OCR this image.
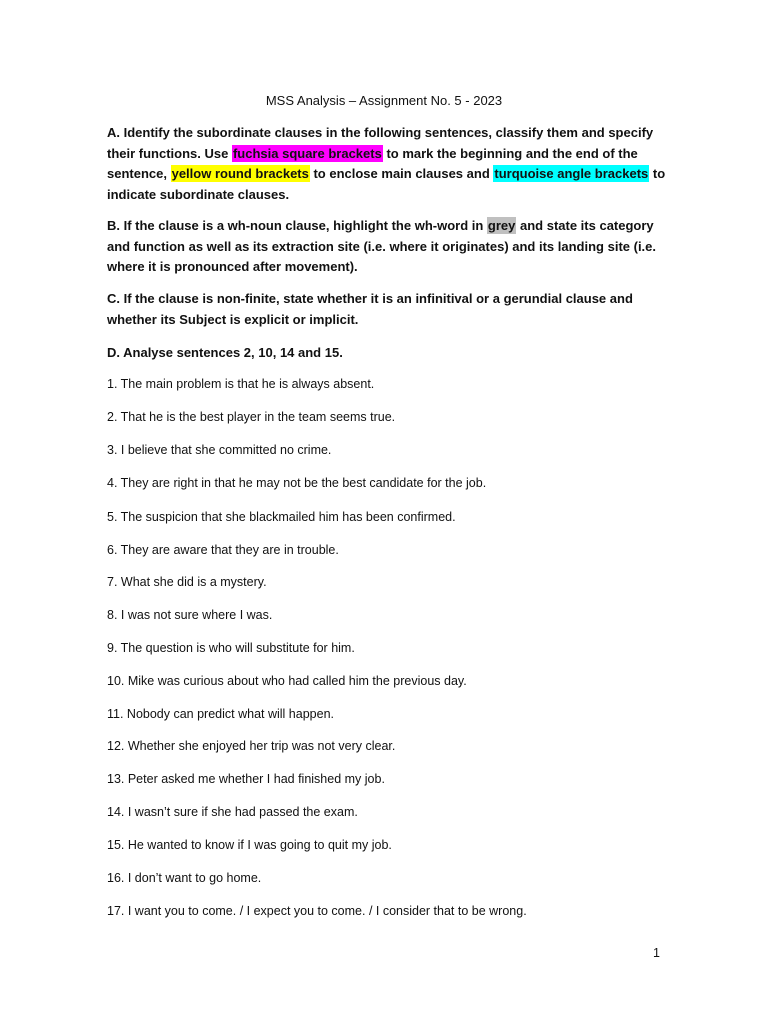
MSS Analysis – Assignment No. 5 - 2023
A. Identify the subordinate clauses in the following sentences, classify them and specify their functions. Use fuchsia square brackets to mark the beginning and the end of the sentence, yellow round brackets to enclose main clauses and turquoise angle brackets to indicate subordinate clauses.
B. If the clause is a wh-noun clause, highlight the wh-word in grey and state its category and function as well as its extraction site (i.e. where it originates) and its landing site (i.e. where it is pronounced after movement).
C. If the clause is non-finite, state whether it is an infinitival or a gerundial clause and whether its Subject is explicit or implicit.
D. Analyse sentences 2, 10, 14 and 15.
1. The main problem is that he is always absent.
2. That he is the best player in the team seems true.
3. I believe that she committed no crime.
4. They are right in that he may not be the best candidate for the job.
5. The suspicion that she blackmailed him has been confirmed.
6. They are aware that they are in trouble.
7. What she did is a mystery.
8. I was not sure where I was.
9. The question is who will substitute for him.
10. Mike was curious about who had called him the previous day.
11. Nobody can predict what will happen.
12. Whether she enjoyed her trip was not very clear.
13. Peter asked me whether I had finished my job.
14. I wasn’t sure if she had passed the exam.
15. He wanted to know if I was going to quit my job.
16. I don’t want to go home.
17. I want you to come. / I expect you to come. / I consider that to be wrong.
1
